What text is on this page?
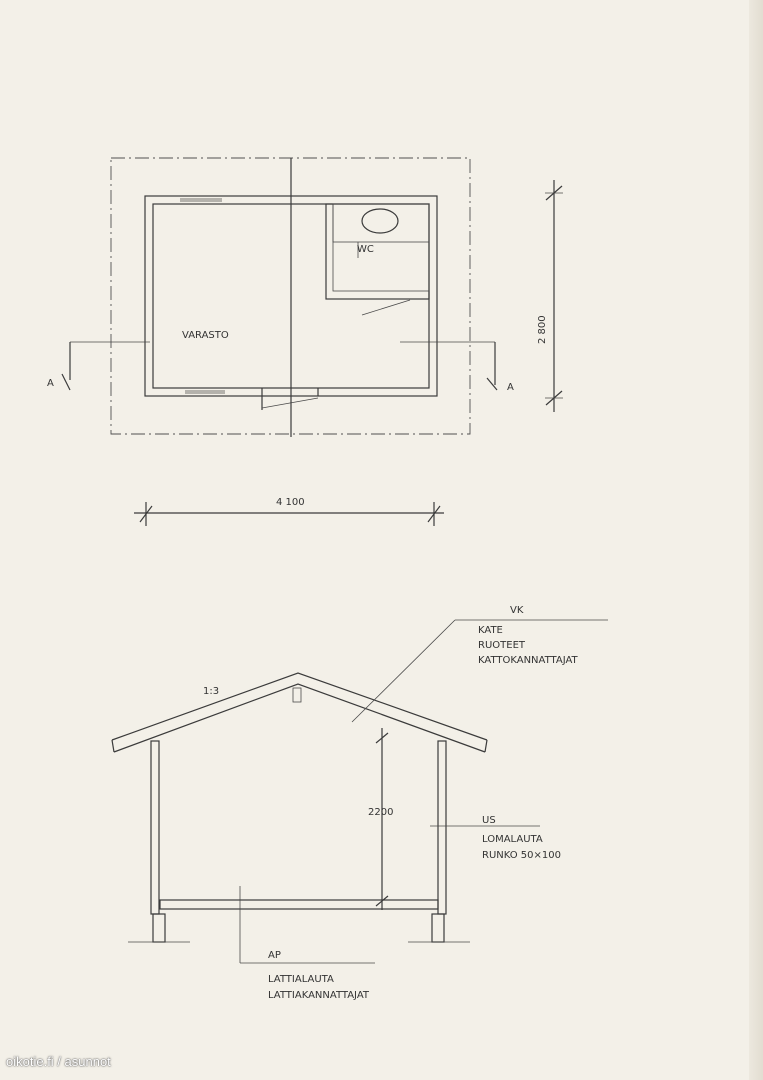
VARASTO
WC
A	A
2 800
4 100
2200
1:3
VK
KATE
RUOTEET
KATTOKANNATTAJAT
US
LOMALAUTA
RUNKO 50×100
AP
LATTIALAUTA
LATTIAKANNATTAJAT
oikotie.fi / asunnot
